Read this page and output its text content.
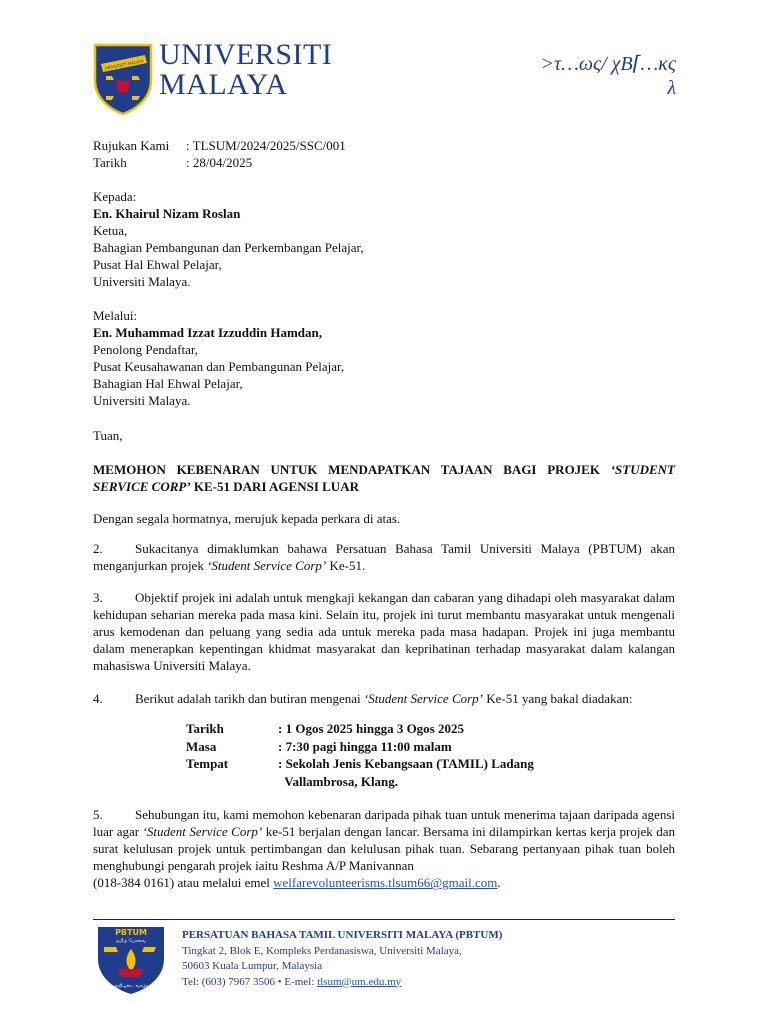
UNIVERSITI MALAYA UNIVERSITI
MALAYA
>τ…ως/ χΒ⌈…κς
λ
Rujukan Kami	: TLSUM/2024/2025/SSC/001
Tarikh	: 28/04/2025
Kepada:
En. Khairul Nizam Roslan
Ketua,
Bahagian Pembangunan dan Perkembangan Pelajar,
Pusat Hal Ehwal Pelajar,
Universiti Malaya.
Melalui:
En. Muhammad Izzat Izzuddin Hamdan,
Penolong Pendaftar,
Pusat Keusahawanan dan Pembangunan Pelajar,
Bahagian Hal Ehwal Pelajar,
Universiti Malaya.
Tuan,
MEMOHON KEBENARAN UNTUK MENDAPATKAN TAJAAN BAGI PROJEK ‘STUDENT SERVICE CORP’ KE-51 DARI AGENSI LUAR
Dengan segala hormatnya, merujuk kepada perkara di atas.
2. Sukacitanya dimaklumkan bahawa Persatuan Bahasa Tamil Universiti Malaya (PBTUM) akan menganjurkan projek ‘Student Service Corp’ Ke-51.
3. Objektif projek ini adalah untuk mengkaji kekangan dan cabaran yang dihadapi oleh masyarakat dalam kehidupan seharian mereka pada masa kini. Selain itu, projek ini turut membantu masyarakat untuk mengenali arus kemodenan dan peluang yang sedia ada untuk mereka pada masa hadapan. Projek ini juga membantu dalam menerapkan kepentingan khidmat masyarakat dan keprihatinan terhadap masyarakat dalam kalangan mahasiswa Universiti Malaya.
4. Berikut adalah tarikh dan butiran mengenai ‘Student Service Corp’ Ke-51 yang bakal diadakan:
Tarikh	: 1 Ogos 2025 hingga 3 Ogos 2025
Masa	: 7:30 pagi hingga 11:00 malam
Tempat	: Sekolah Jenis Kebangsaan (TAMIL) Ladang
Vallambrosa, Klang.
5. Sehubungan itu, kami memohon kebenaran daripada pihak tuan untuk menerima tajaan daripada agensi luar agar ‘Student Service Corp’ ke-51 berjalan dengan lancar. Bersama ini dilampirkan kertas kerja projek dan surat kelulusan projek untuk pertimbangan dan kelulusan pihak tuan. Sebarang pertanyaan pihak tuan boleh menghubungi pengarah projek iaitu Reshma A/P Manivannan
(018-384 0161) atau melalui emel welfarevolunteerisms.tlsum66@gmail.com.
PBTUM
தமிழ் பேரவை
அறிவுடை வாழ்க
PERSATUAN BAHASA TAMIL UNIVERSITI MALAYA (PBTUM)
Tingkat 2, Blok E, Kompleks Perdanasiswa, Universiti Malaya,
50603 Kuala Lumpur, Malaysia
Tel: (603) 7967 3506 • E-mel: tlsum@um.edu.my
